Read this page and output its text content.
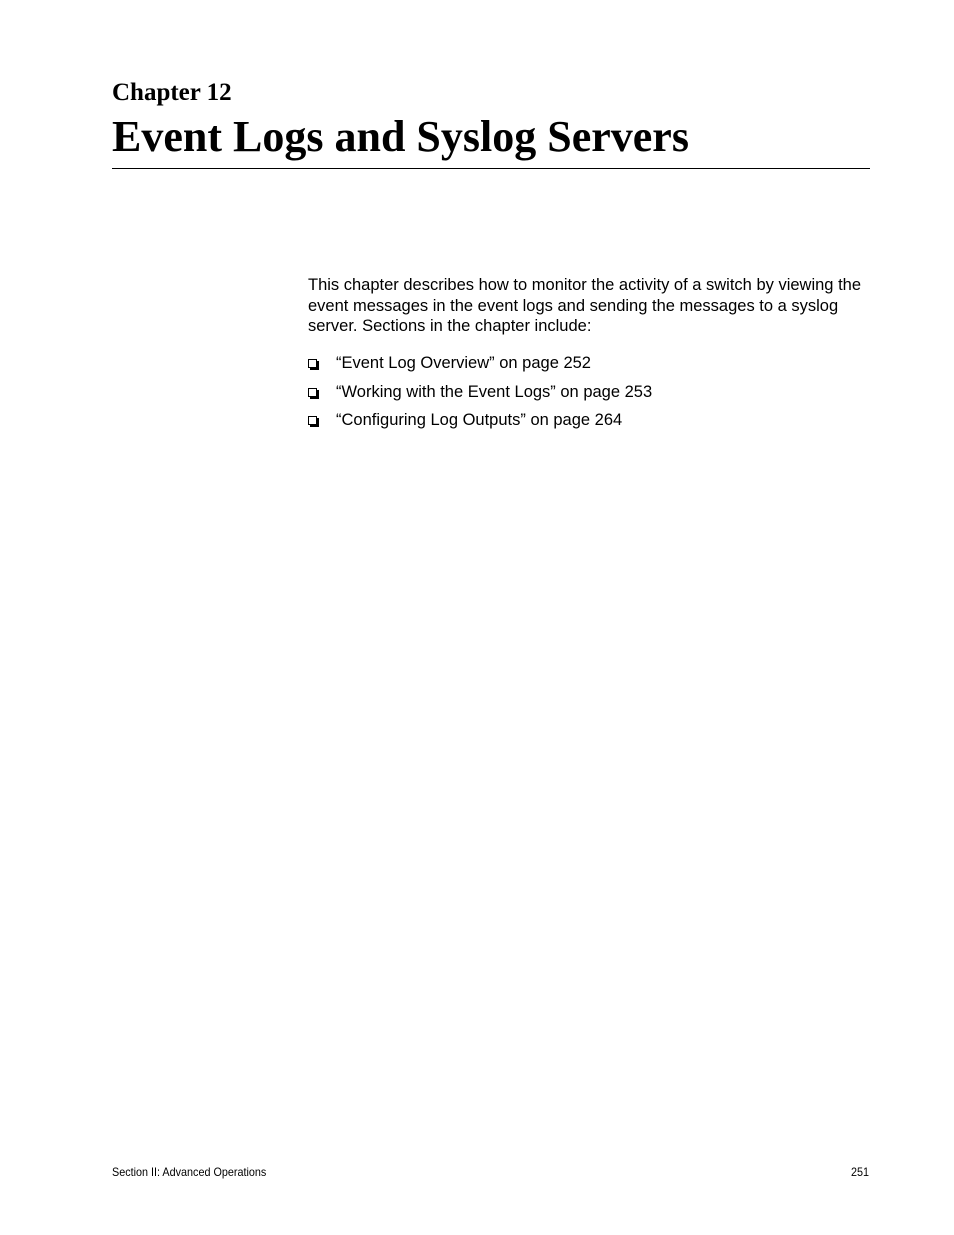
Chapter 12
Event Logs and Syslog Servers

This chapter describes how to monitor the activity of a switch by viewing the event messages in the event logs and sending the messages to a syslog server. Sections in the chapter include:

“Event Log Overview” on page 252
“Working with the Event Logs” on page 253
“Configuring Log Outputs” on page 264
Section II: Advanced Operations	251
